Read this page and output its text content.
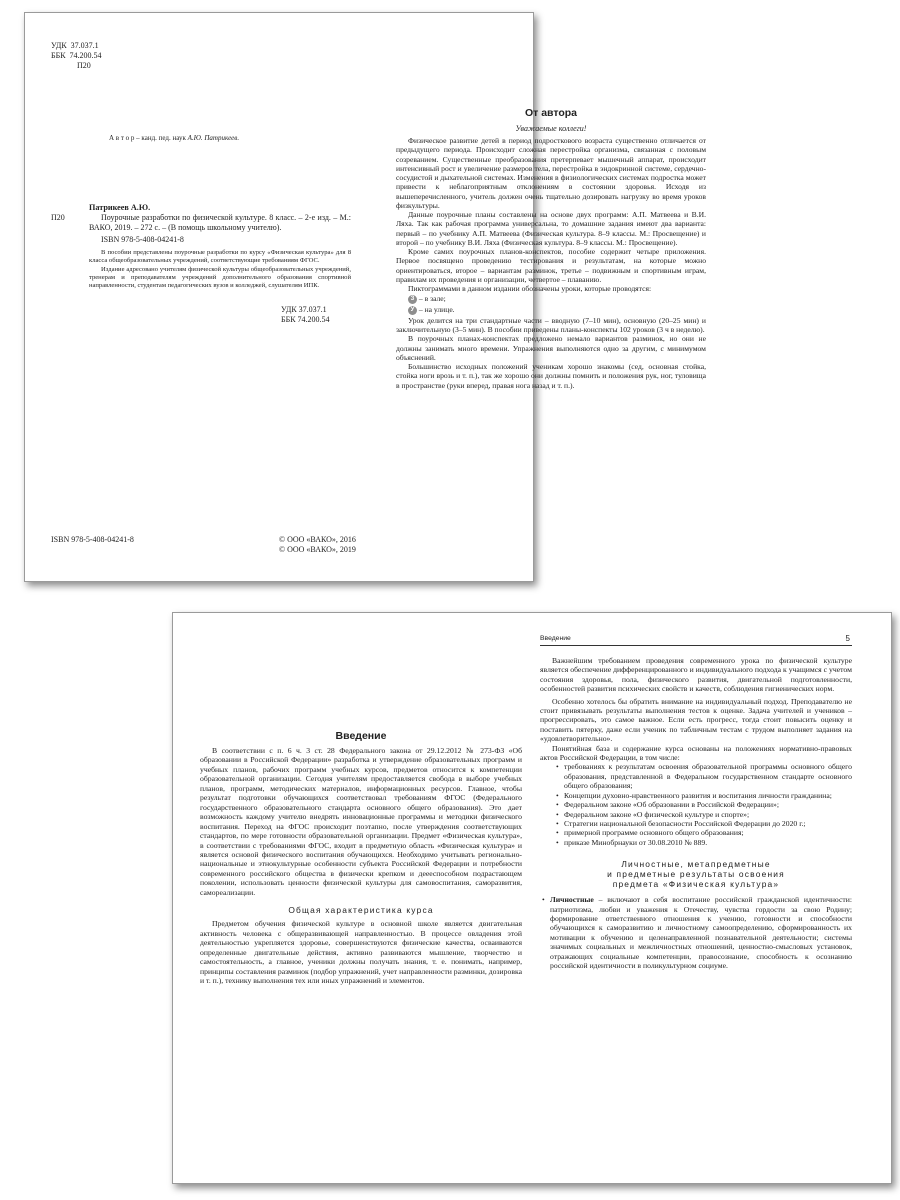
УДК 37.037.1
ББК 74.200.54
П20
А в т о р – канд. пед. наук А.Ю. Патрикеев.
Патрикеев А.Ю.
П20	Поурочные разработки по физической культуре. 8 класс. – 2-е изд. – М.: ВАКО, 2019. – 272 с. – (В помощь школьному учителю).

ISBN 978-5-408-04241-8

В пособии представлены поурочные разработки по курсу «Физическая культура» для 8 класса общеобразовательных учреждений, соответствующие требованиям ФГОС.

Издание адресовано учителям физической культуры общеобразовательных учреждений, тренерам и преподавателям учреждений дополнительного образования спортивной направленности, студентам педагогических вузов и колледжей, слушателям ИПК.

УДК 37.037.1
ББК 74.200.54
ISBN 978-5-408-04241-8	© ООО «ВАКО», 2016
© ООО «ВАКО», 2019
От автора
Уважаемые коллеги!

Физическое развитие детей в период подросткового возраста существенно отличается от предыдущего периода. Происходит сложная перестройка организма, связанная с половым созреванием. Существенные преобразования претерпевает мышечный аппарат, происходит интенсивный рост и увеличение размеров тела, перестройка в эндокринной системе, сердечно-сосудистой и дыхательной системах. Изменения в физиологических системах подростка может привести к неблагоприятным отклонениям в состоянии здоровья. Исходя из вышеперечисленного, учитель должен очень тщательно дозировать нагрузку во время уроков физкультуры.

Данные поурочные планы составлены на основе двух программ: А.П. Матвеева и В.И. Ляха. Так как рабочая программа универсальна, то домашние задания имеют два варианта: первый – по учебнику А.П. Матвеева (Физическая культура. 8–9 классы. М.: Просвещение) и второй – по учебнику В.И. Ляха (Физическая культура. 8–9 классы. М.: Просвещение).

Кроме самих поурочных планов-конспектов, пособие содержит четыре приложения. Первое посвящено проведению тестирования и результатам, на которые можно ориентироваться, второе – вариантам разминок, третье – подвижным и спортивным играм, правилам их проведения и организации, четвертое – плаванию.

Пиктограммами в данном издании обозначены уроки, которые проводятся:

З – в зале;
У – на улице.

Урок делится на три стандартные части – вводную (7–10 мин), основную (20–25 мин) и заключительную (3–5 мин). В пособии приведены планы-конспекты 102 уроков (3 ч в неделю).

В поурочных планах-конспектах предложено немало вариантов разминок, но они не должны занимать много времени. Упражнения выполняются одно за другим, с минимумом объяснений.

Большинство исходных положений ученикам хорошо знакомы (сед, основная стойка, стойка ноги врозь и т. п.), так же хорошо они должны помнить и положения рук, ног, туловища в пространстве (руки вперед, правая нога назад и т. п.).

Введение

В соответствии с п. 6 ч. 3 ст. 28 Федерального закона от 29.12.2012 № 273-ФЗ «Об образовании в Российской Федерации» разработка и утверждение образовательных программ и учебных планов, рабочих программ учебных курсов, предметов относится к компетенции образовательной организации. Сегодня учителям предоставляется свобода в выборе учебных планов, программ, методических материалов, информационных ресурсов. Главное, чтобы результат подготовки обучающихся соответствовал требованиям ФГОС (Федерального государственного образовательного стандарта основного общего образования). Это дает возможность каждому учителю внедрять инновационные программы и методики физического воспитания. Переход на ФГОС происходит поэтапно, после утверждения соответствующих стандартов, по мере готовности образовательной организации. Предмет «Физическая культура», в соответствии с требованиями ФГОС, входит в предметную область «Физическая культура» и является основой физического воспитания обучающихся. Необходимо учитывать регионально-национальные и этнокультурные особенности субъекта Российской Федерации и потребности современного российского общества в физически крепком и деееспособном подрастающем поколении, использовать ценности физической культуры для самовоспитания, саморазвития, самореализации.

Общая характеристика курса

Предметом обучения физической культуре в основной школе является двигательная активность человека с общеразвивающей направленностью. В процессе овладения этой деятельностью укрепляется здоровье, совершенствуются физические качества, осваиваются определенные двигательные действия, активно развиваются мышление, творчество и самостоятельность, а главное, ученики должны получать знания, т. е. понимать, например, принципы составления разминок (подбор упражнений, учет направленности разминки, дозировка и т. п.), технику выполнения тех или иных упражнений и элементов.

Введение	5

Важнейшим требованием проведения современного урока по физической культуре является обеспечение дифференцированного и индивидуального подхода к учащимся с учетом состояния здоровья, пола, физического развития, двигательной подготовленности, особенностей развития психических свойств и качеств, соблюдения гигиенических норм.

Особенно хотелось бы обратить внимание на индивидуальный подход. Преподавателю не стоит привязывать результаты выполнения тестов к оценке. Задача учителей и учеников – прогрессировать, это самое важное. Если есть прогресс, тогда стоит повысить оценку и поставить пятерку, даже если ученик по табличным тестам с трудом выполняет задания на «удовлетворительно».

Понятийная база и содержание курса основаны на положениях нормативно-правовых актов Российской Федерации, в том числе:

• требованиях к результатам освоения образовательной программы основного общего образования, представленной в Федеральном государственном стандарте основного общего образования;
• Концепции духовно-нравственного развития и воспитания личности гражданина;
• Федеральном законе «Об образовании в Российской Федерации»;
• Федеральном законе «О физической культуре и спорте»;
• Стратегии национальной безопасности Российской Федерации до 2020 г.;
• примерной программе основного общего образования;
• приказе Минобрнауки от 30.08.2010 № 889.
Личностные, метапредметные
и предметные результаты освоения
предмета «Физическая культура»
• Личностные – включают в себя воспитание российской гражданской идентичности: патриотизма, любви и уважения к Отечеству, чувства гордости за свою Родину; формирование ответственного отношения к учению, готовности и способности обучающихся к саморазвитию и личностному самоопределению, сформированность их мотивации к обучению и целенаправленной познавательной деятельности; системы значимых социальных и межличностных отношений, ценностно-смысловых установок, отражающих социальные компетенции, правосознание, способность к осознанию российской идентичности в поликультурном социуме.
